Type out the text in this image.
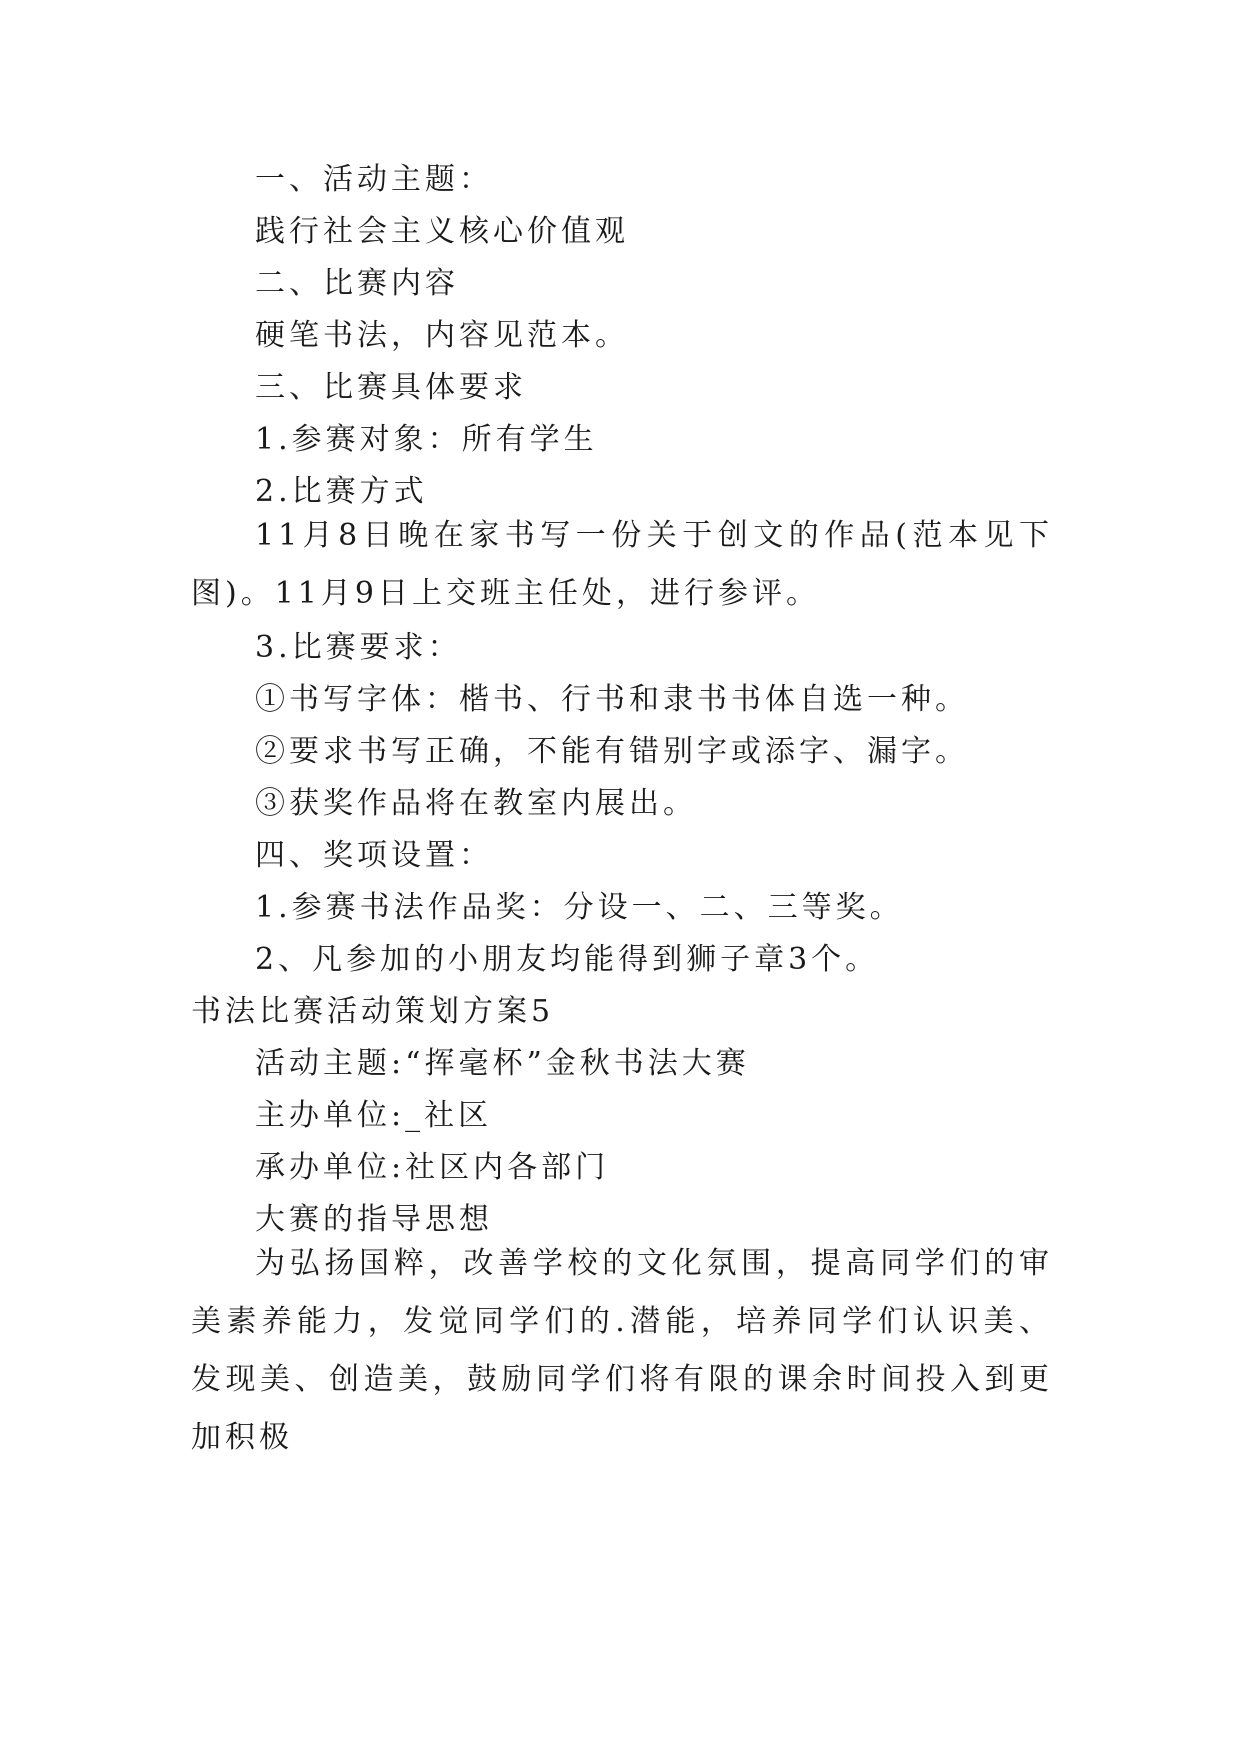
一、活动主题：
践行社会主义核心价值观
二、比赛内容
硬笔书法，内容见范本。
三、比赛具体要求
1.参赛对象：所有学生
2.比赛方式
11月8日晚在家书写一份关于创文的作品(范本见下图)。11月9日上交班主任处，进行参评。
3.比赛要求：
①书写字体：楷书、行书和隶书书体自选一种。
②要求书写正确，不能有错别字或添字、漏字。
③获奖作品将在教室内展出。
四、奖项设置：
1.参赛书法作品奖：分设一、二、三等奖。
2、凡参加的小朋友均能得到狮子章3个。
书法比赛活动策划方案5
活动主题:“挥毫杯”金秋书法大赛
主办单位:_社区
承办单位:社区内各部门
大赛的指导思想
为弘扬国粹，改善学校的文化氛围，提高同学们的审美素养能力，发觉同学们的.潜能，培养同学们认识美、发现美、创造美，鼓励同学们将有限的课余时间投入到更加积极
